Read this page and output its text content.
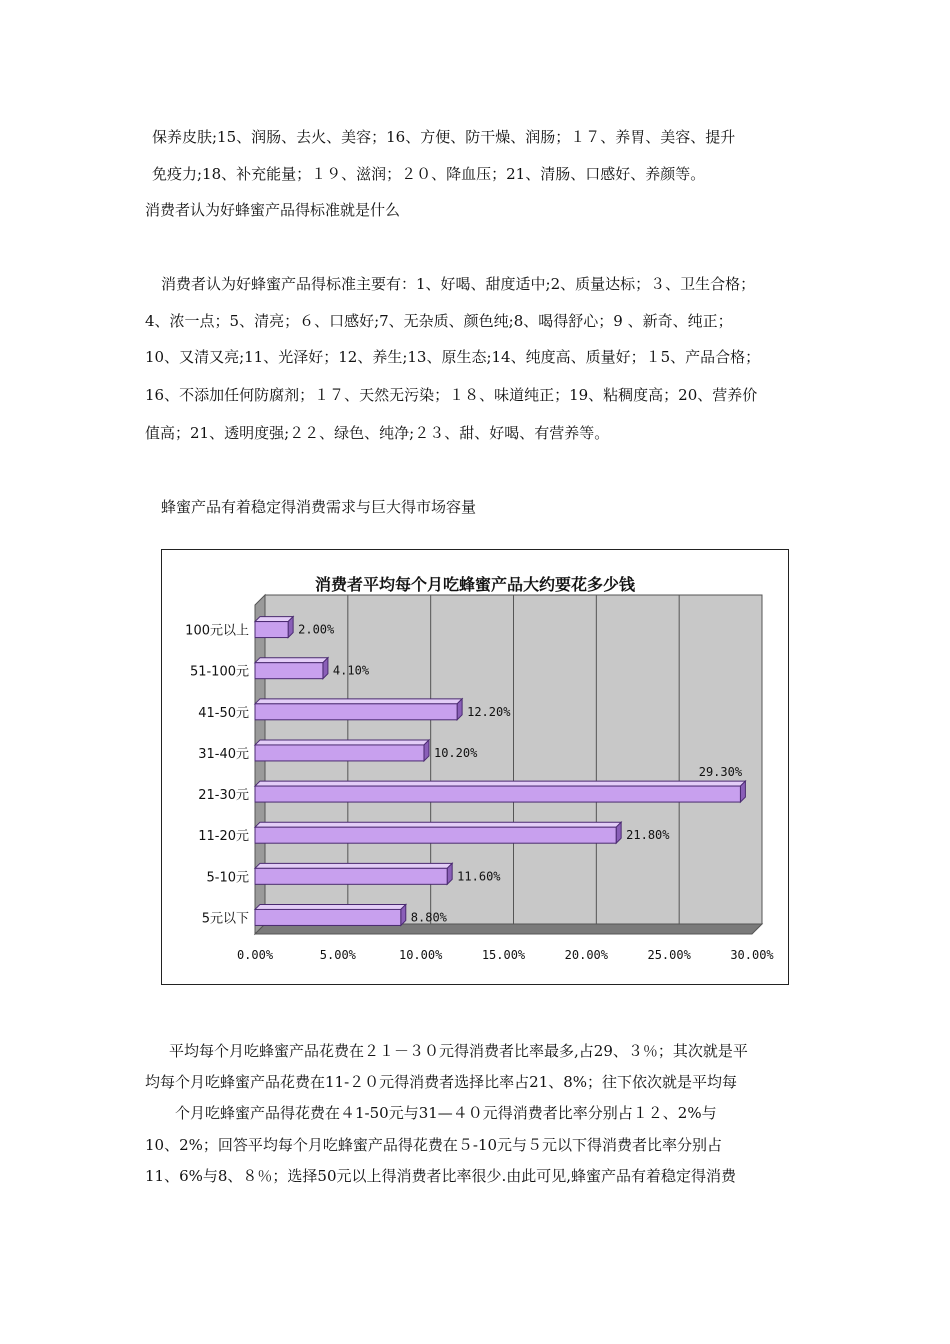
保养皮肤;15、润肠、去火、美容；16、方便、防干燥、润肠；１７、养胃、美容、提升
免疫力;18、补充能量；１９、滋润；２０、降血压；21、清肠、口感好、养颜等。
消费者认为好蜂蜜产品得标准就是什么
消费者认为好蜂蜜产品得标准主要有：1、好喝、甜度适中;2、质量达标；３、卫生合格；
4、浓一点；5、清亮；６、口感好;7、无杂质、颜色纯;8、喝得舒心；9 、新奇、纯正；
10、又清又亮;11、光泽好；12、养生;13、原生态;14、纯度高、质量好；１5、产品合格；
16、不添加任何防腐剂；１７、天然无污染；１８、味道纯正；19、粘稠度高；20、营养价
值高；21、透明度强;２２、绿色、纯净;２３、甜、好喝、有营养等。
蜂蜜产品有着稳定得消费需求与巨大得市场容量
消费者平均每个月吃蜂蜜产品大约要花多少钱
0.00%	5.00%	10.00%	15.00%	20.00%	25.00%	30.00%
100元以上	2.00%
51-100元	4.10%
41-50元	12.20%
31-40元	10.20%
21-30元
29.30%
11-20元	21.80%
5-10元	11.60%
5元以下	8.80%
平均每个月吃蜂蜜产品花费在２１－３０元得消费者比率最多,占29、３％；其次就是平
均每个月吃蜂蜜产品花费在11-２０元得消费者选择比率占21、8%；往下依次就是平均每
个月吃蜂蜜产品得花费在４1-50元与31—４０元得消费者比率分别占１２、2%与
10、2%；回答平均每个月吃蜂蜜产品得花费在５-10元与５元以下得消费者比率分别占
11、6%与8、８％；选择50元以上得消费者比率很少.由此可见,蜂蜜产品有着稳定得消费
